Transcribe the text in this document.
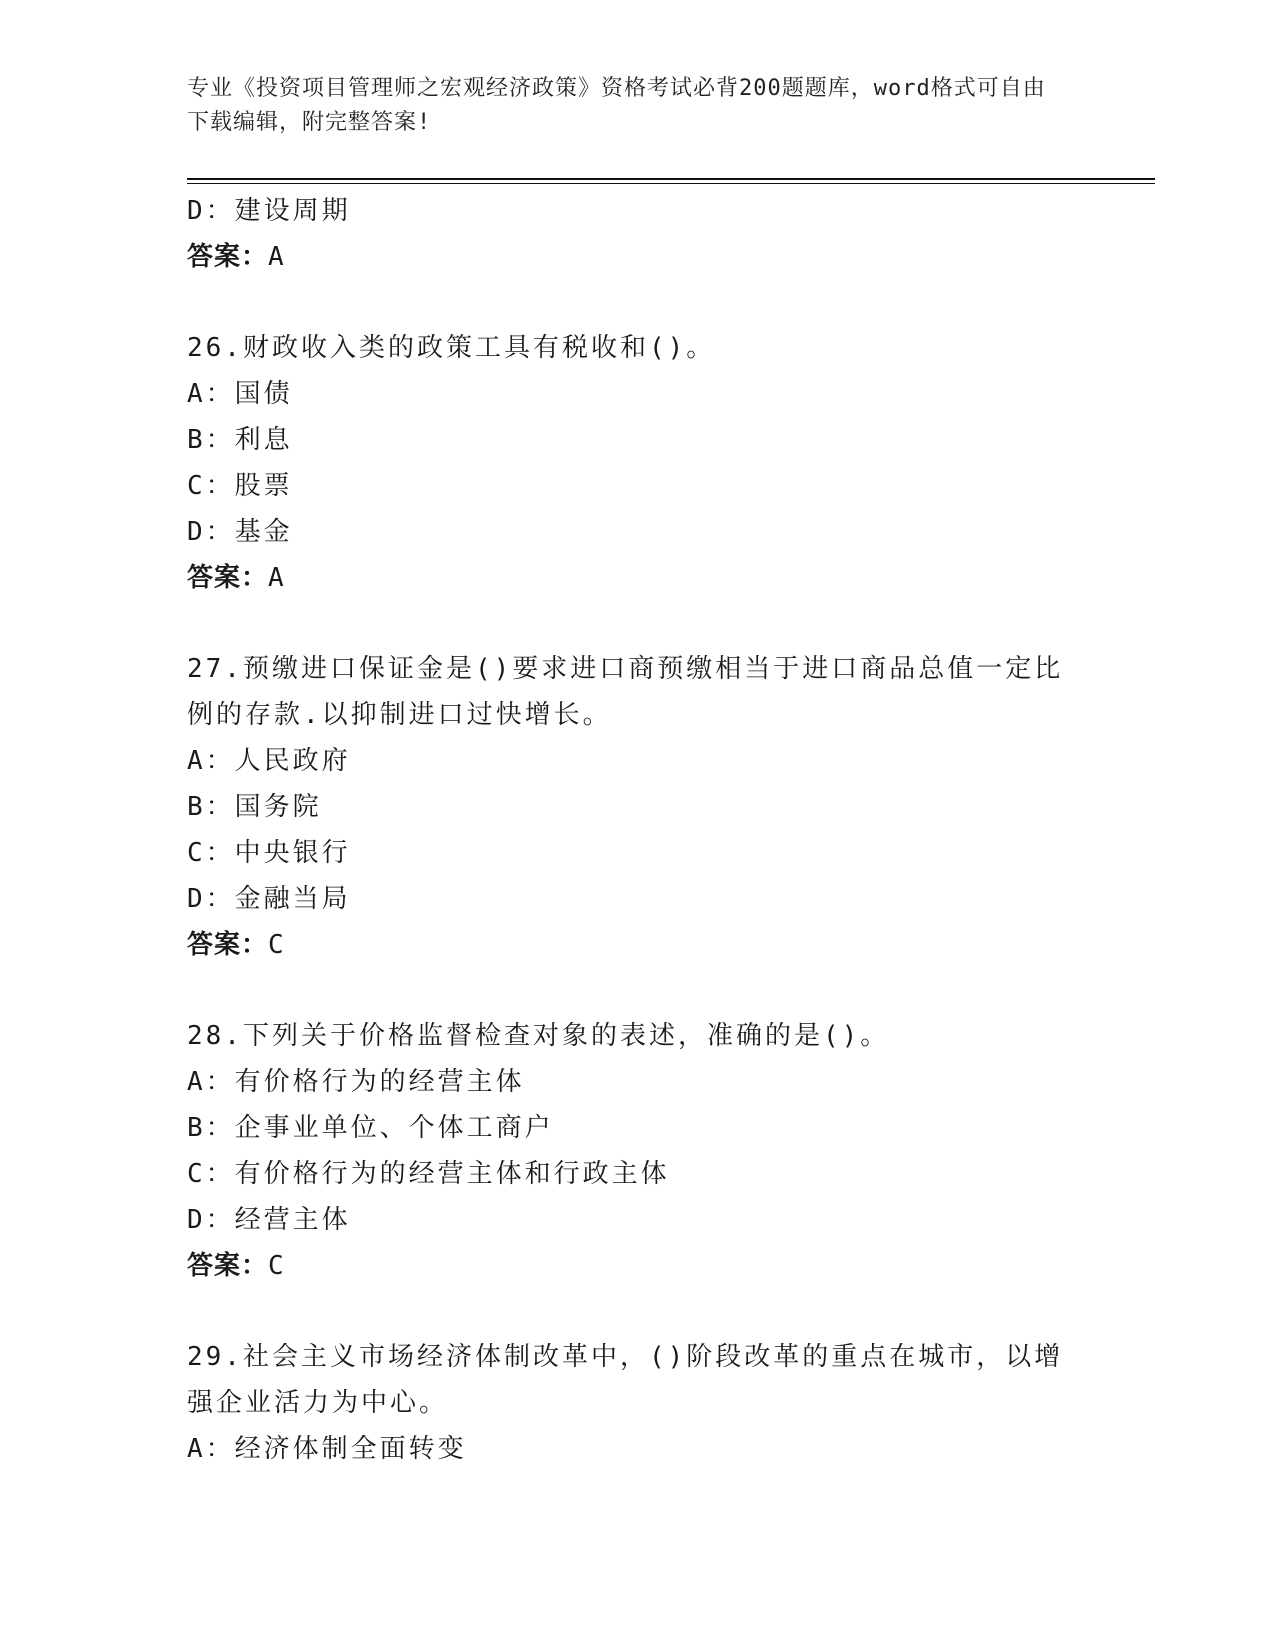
专业《投资项目管理师之宏观经济政策》资格考试必背200题题库，word格式可自由下载编辑，附完整答案!
D：建设周期
答案：A
26.财政收入类的政策工具有税收和()。
A：国债
B：利息
C：股票
D：基金
答案：A
27.预缴进口保证金是()要求进口商预缴相当于进口商品总值一定比例的存款.以抑制进口过快增长。
A：人民政府
B：国务院
C：中央银行
D：金融当局
答案：C
28.下列关于价格监督检查对象的表述，准确的是()。
A：有价格行为的经营主体
B：企事业单位、个体工商户
C：有价格行为的经营主体和行政主体
D：经营主体
答案：C
29.社会主义市场经济体制改革中，()阶段改革的重点在城市，以增强企业活力为中心。
A：经济体制全面转变
